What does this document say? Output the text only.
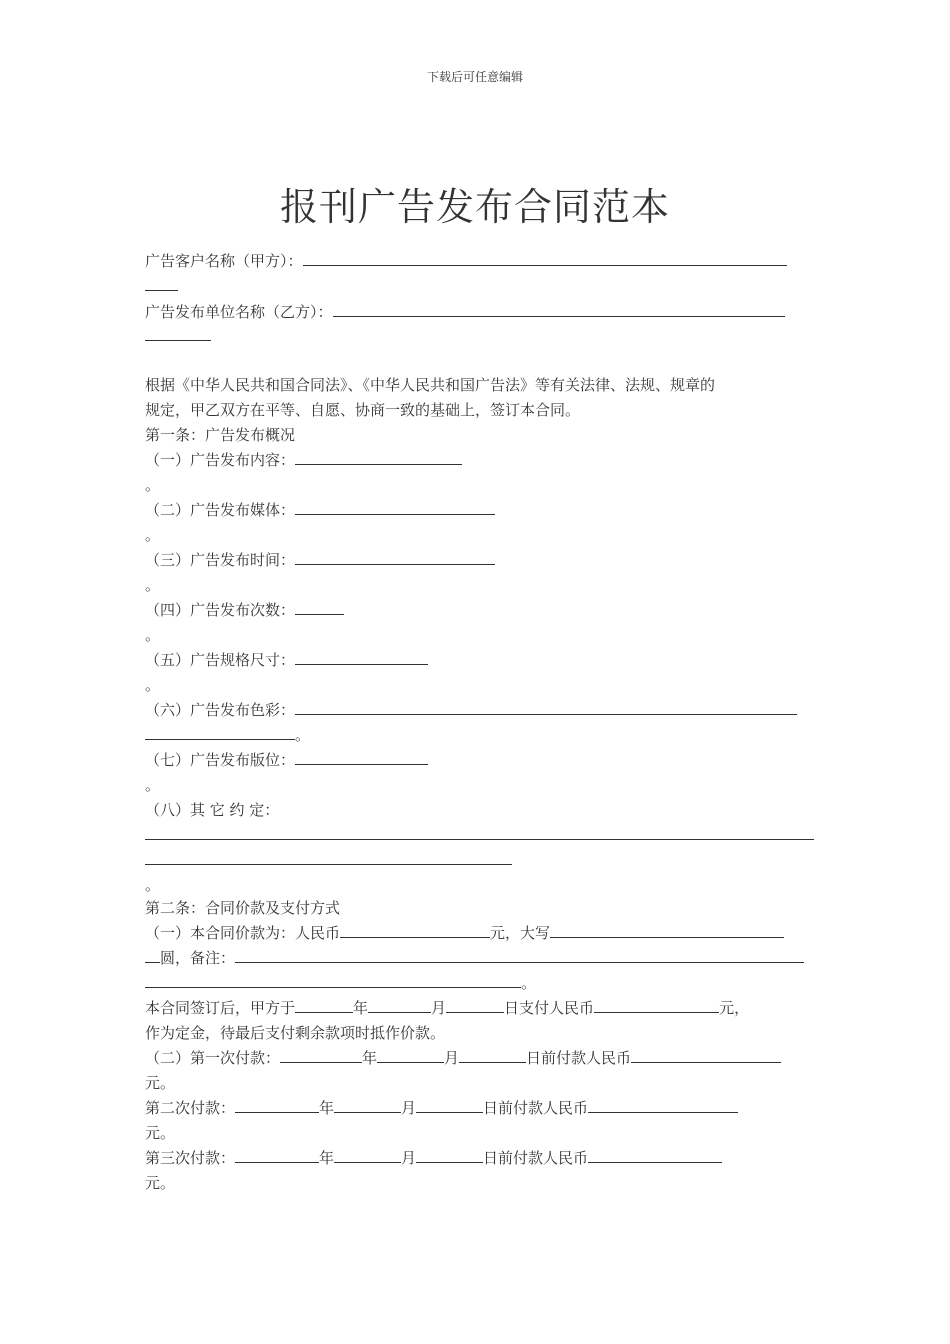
下载后可任意编辑
报刊广告发布合同范本
广告客户名称（甲方）：
广告发布单位名称（乙方）：
根据《中华人民共和国合同法》、《中华人民共和国广告法》等有关法律、法规、规章的
规定，甲乙双方在平等、自愿、协商一致的基础上，签订本合同。
第一条：广告发布概况
（一）广告发布内容：
。
（二）广告发布媒体：
。
（三）广告发布时间：
。
（四）广告发布次数：
。
（五）广告规格尺寸：
。
（六）广告发布色彩：
。
（七）广告发布版位：
。
（八）其 它 约 定：
。
第二条：合同价款及支付方式
（一）本合同价款为：人民币	元，大写
圆，备注：
。
本合同签订后，甲方于	年	月	日支付人民币	元，
作为定金，待最后支付剩余款项时抵作价款。
（二）第一次付款：	年	月	日前付款人民币
元。
第二次付款：	年	月	日前付款人民币
元。
第三次付款：	年	月	日前付款人民币
元。
